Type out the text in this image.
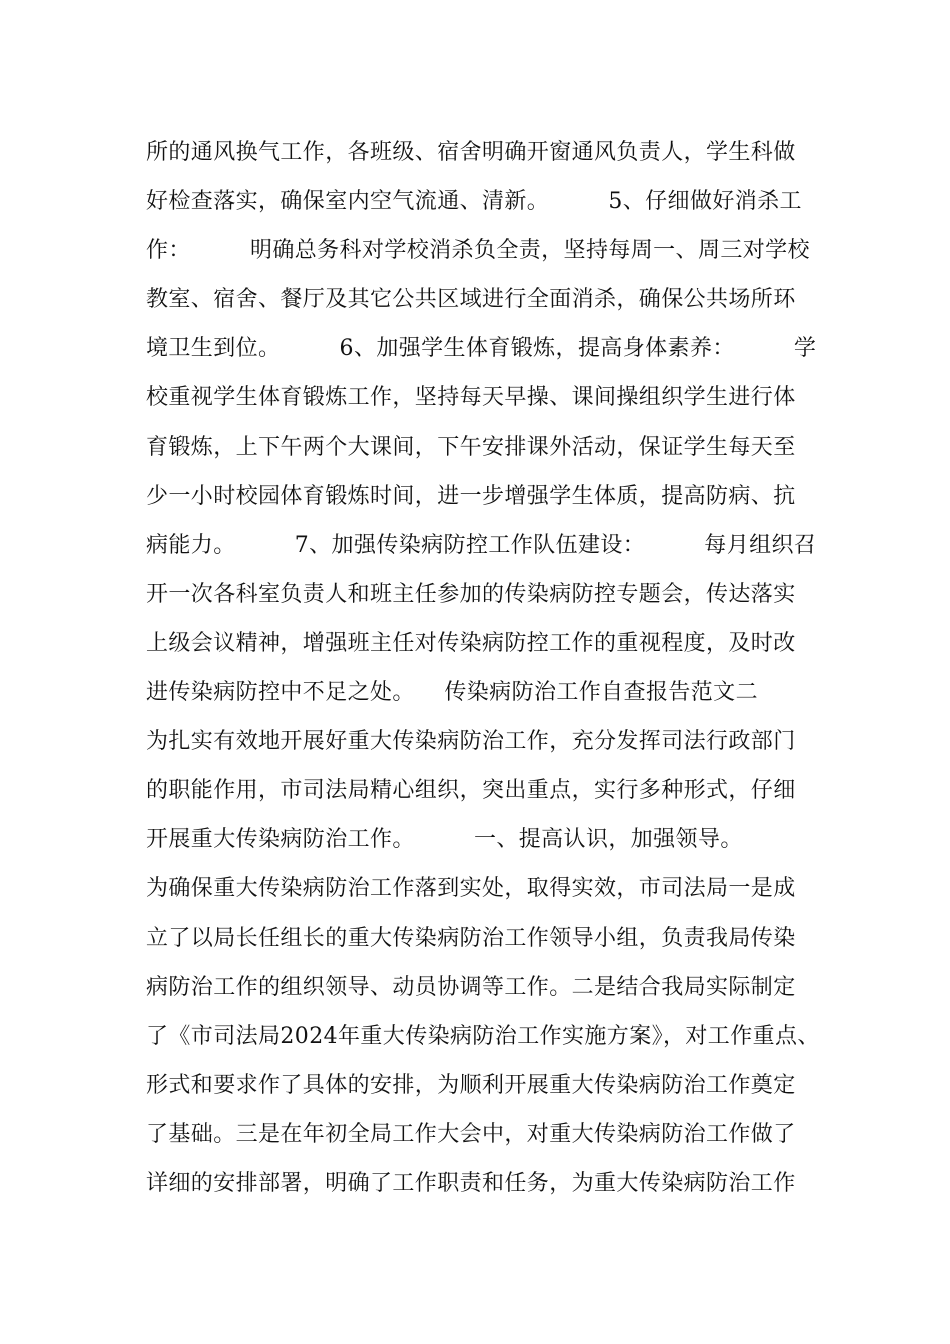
所的通风换气工作，各班级、宿舍明确开窗通风负责人，学生科做
好检查落实，确保室内空气流通、清新。        5、仔细做好消杀工
作：        明确总务科对学校消杀负全责，坚持每周一、周三对学校
教室、宿舍、餐厅及其它公共区域进行全面消杀，确保公共场所环
境卫生到位。        6、加强学生体育锻炼，提高身体素养：        学
校重视学生体育锻炼工作，坚持每天早操、课间操组织学生进行体
育锻炼，上下午两个大课间，下午安排课外活动，保证学生每天至
少一小时校园体育锻炼时间，进一步增强学生体质，提高防病、抗
病能力。        7、加强传染病防控工作队伍建设：        每月组织召
开一次各科室负责人和班主任参加的传染病防控专题会，传达落实
上级会议精神，增强班主任对传染病防控工作的重视程度，及时改
进传染病防控中不足之处。    传染病防治工作自查报告范文二
为扎实有效地开展好重大传染病防治工作，充分发挥司法行政部门
的职能作用，市司法局精心组织，突出重点，实行多种形式，仔细
开展重大传染病防治工作。        一、提高认识，加强领导。
为确保重大传染病防治工作落到实处，取得实效，市司法局一是成
立了以局长任组长的重大传染病防治工作领导小组，负责我局传染
病防治工作的组织领导、动员协调等工作。二是结合我局实际制定
了《市司法局2024年重大传染病防治工作实施方案》，对工作重点、
形式和要求作了具体的安排，为顺利开展重大传染病防治工作奠定
了基础。三是在年初全局工作大会中，对重大传染病防治工作做了
详细的安排部署，明确了工作职责和任务，为重大传染病防治工作
